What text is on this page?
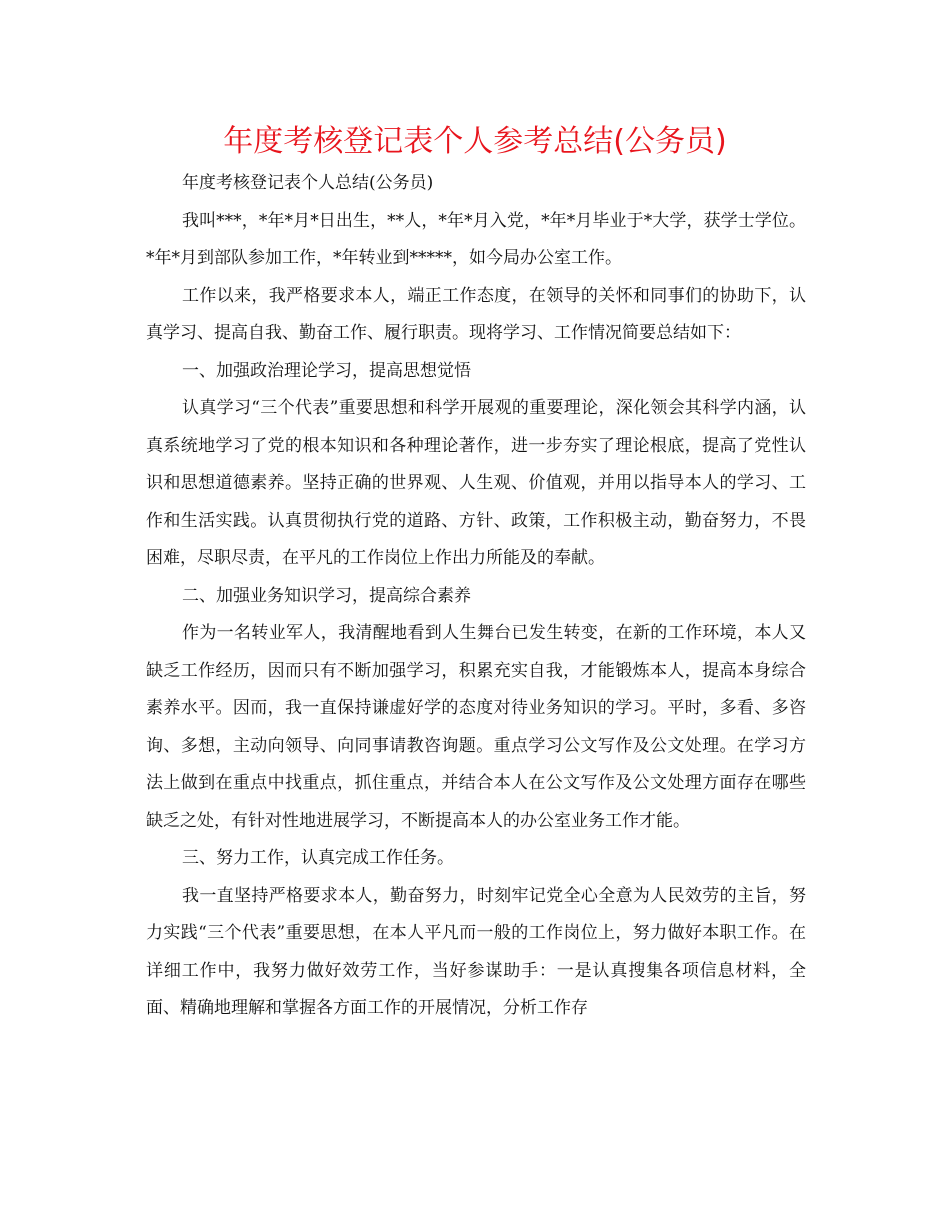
年度考核登记表个人参考总结(公务员)

年度考核登记表个人总结(公务员)

我叫***，*年*月*日出生，**人，*年*月入党，*年*月毕业于*大学，获学士学位。*年*月到部队参加工作，*年转业到*****，如今局办公室工作。

工作以来，我严格要求本人，端正工作态度，在领导的关怀和同事们的协助下，认真学习、提高自我、勤奋工作、履行职责。现将学习、工作情况简要总结如下：

一、加强政治理论学习，提高思想觉悟

认真学习“三个代表”重要思想和科学开展观的重要理论，深化领会其科学内涵，认真系统地学习了党的根本知识和各种理论著作，进一步夯实了理论根底，提高了党性认识和思想道德素养。坚持正确的世界观、人生观、价值观，并用以指导本人的学习、工作和生活实践。认真贯彻执行党的道路、方针、政策，工作积极主动，勤奋努力，不畏困难，尽职尽责，在平凡的工作岗位上作出力所能及的奉献。

二、加强业务知识学习，提高综合素养

作为一名转业军人，我清醒地看到人生舞台已发生转变，在新的工作环境，本人又缺乏工作经历，因而只有不断加强学习，积累充实自我，才能锻炼本人，提高本身综合素养水平。因而，我一直保持谦虚好学的态度对待业务知识的学习。平时，多看、多咨询、多想，主动向领导、向同事请教咨询题。重点学习公文写作及公文处理。在学习方法上做到在重点中找重点，抓住重点，并结合本人在公文写作及公文处理方面存在哪些缺乏之处，有针对性地进展学习，不断提高本人的办公室业务工作才能。

三、努力工作，认真完成工作任务。

我一直坚持严格要求本人，勤奋努力，时刻牢记党全心全意为人民效劳的主旨，努力实践“三个代表”重要思想，在本人平凡而一般的工作岗位上，努力做好本职工作。在详细工作中，我努力做好效劳工作，当好参谋助手：一是认真搜集各项信息材料，全面、精确地理解和掌握各方面工作的开展情况，分析工作存
